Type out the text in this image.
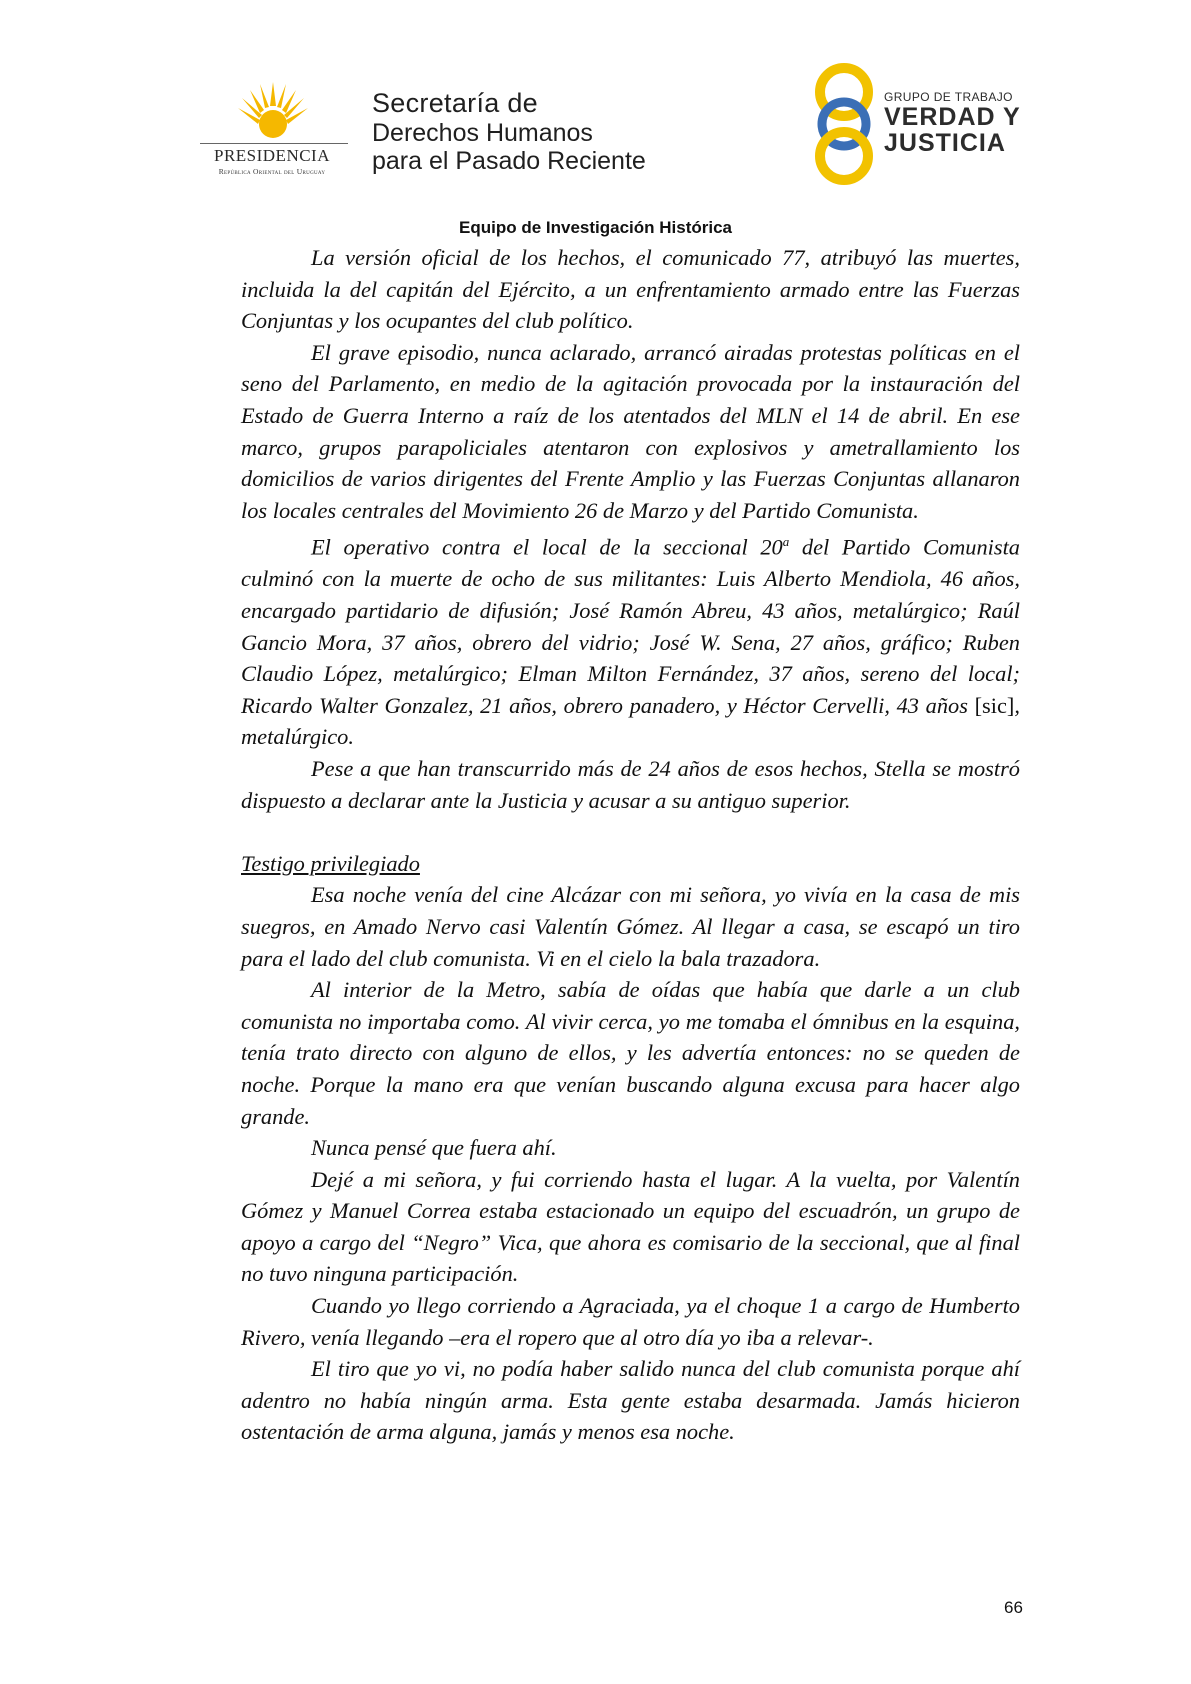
PRESIDENCIA
República Oriental del Uruguay
Secretaría de
Derechos Humanos
para el Pasado Reciente
GRUPO DE TRABAJO
VERDAD Y
JUSTICIA
Equipo de Investigación Histórica

La versión oficial de los hechos, el comunicado 77, atribuyó las muertes, incluida la del capitán del Ejército, a un enfrentamiento armado entre las Fuerzas Conjuntas y los ocupantes del club político.

El grave episodio, nunca aclarado, arrancó airadas protestas políticas en el seno del Parlamento, en medio de la agitación provocada por la instauración del Estado de Guerra Interno a raíz de los atentados del MLN el 14 de abril. En ese marco, grupos parapoliciales atentaron con explosivos y ametrallamiento los domicilios de varios dirigentes del Frente Amplio y las Fuerzas Conjuntas allanaron los locales centrales del Movimiento 26 de Marzo y del Partido Comunista.

El operativo contra el local de la seccional 20$^a$ del Partido Comunista culminó con la muerte de ocho de sus militantes: Luis Alberto Mendiola, 46 años, encargado partidario de difusión; José Ramón Abreu, 43 años, metalúrgico; Raúl Gancio Mora, 37 años, obrero del vidrio; José W. Sena, 27 años, gráfico; Ruben Claudio López, metalúrgico; Elman Milton Fernández, 37 años, sereno del local; Ricardo Walter Gonzalez, 21 años, obrero panadero, y Héctor Cervelli, 43 años [sic], metalúrgico.

Pese a que han transcurrido más de 24 años de esos hechos, Stella se mostró dispuesto a declarar ante la Justicia y acusar a su antiguo superior.

Testigo privilegiado

Esa noche venía del cine Alcázar con mi señora, yo vivía en la casa de mis suegros, en Amado Nervo casi Valentín Gómez. Al llegar a casa, se escapó un tiro para el lado del club comunista. Vi en el cielo la bala trazadora.

Al interior de la Metro, sabía de oídas que había que darle a un club comunista no importaba como. Al vivir cerca, yo me tomaba el ómnibus en la esquina, tenía trato directo con alguno de ellos, y les advertía entonces: no se queden de noche. Porque la mano era que venían buscando alguna excusa para hacer algo grande.

Nunca pensé que fuera ahí.

Dejé a mi señora, y fui corriendo hasta el lugar. A la vuelta, por Valentín Gómez y Manuel Correa estaba estacionado un equipo del escuadrón, un grupo de apoyo a cargo del “Negro” Vica, que ahora es comisario de la seccional, que al final no tuvo ninguna participación.

Cuando yo llego corriendo a Agraciada, ya el choque 1 a cargo de Humberto Rivero, venía llegando –era el ropero que al otro día yo iba a relevar-.

El tiro que yo vi, no podía haber salido nunca del club comunista porque ahí adentro no había ningún arma. Esta gente estaba desarmada. Jamás hicieron ostentación de arma alguna, jamás y menos esa noche.

66
